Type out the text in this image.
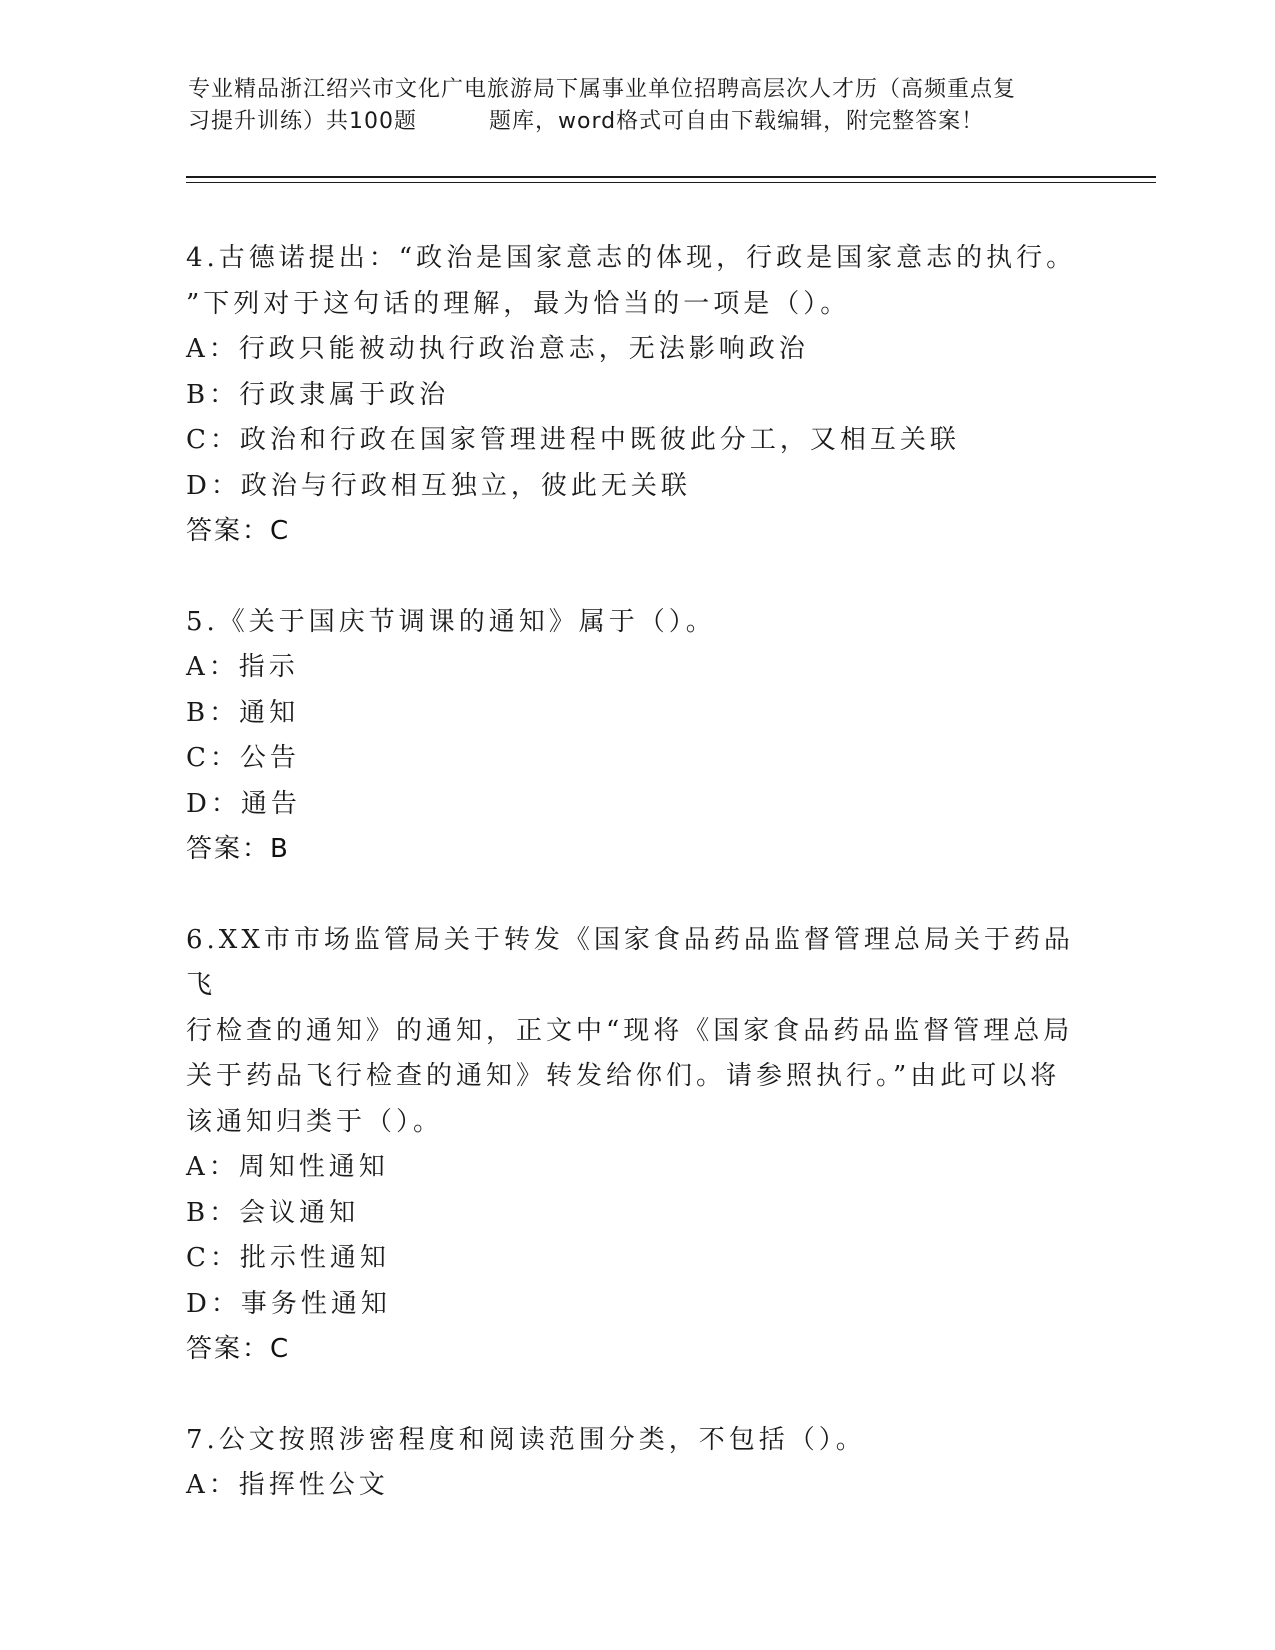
专业精品浙江绍兴市文化广电旅游局下属事业单位招聘高层次人才历（高频重点复
习提升训练）共100题	题库，word格式可自由下载编辑，附完整答案！

4.古德诺提出：“政治是国家意志的体现，行政是国家意志的执行。

”下列对于这句话的理解，最为恰当的一项是（）。

A：行政只能被动执行政治意志，无法影响政治

B：行政隶属于政治

C：政治和行政在国家管理进程中既彼此分工，又相互关联

D：政治与行政相互独立，彼此无关联

答案：C

5.《关于国庆节调课的通知》属于（）。

A：指示

B：通知

C：公告

D：通告

答案：B

6.XX市市场监管局关于转发《国家食品药品监督管理总局关于药品飞

行检查的通知》的通知，正文中“现将《国家食品药品监督管理总局

关于药品飞行检查的通知》转发给你们。请参照执行。”由此可以将

该通知归类于（）。

A：周知性通知

B：会议通知

C：批示性通知

D：事务性通知

答案：C

7.公文按照涉密程度和阅读范围分类，不包括（）。

A：指挥性公文
